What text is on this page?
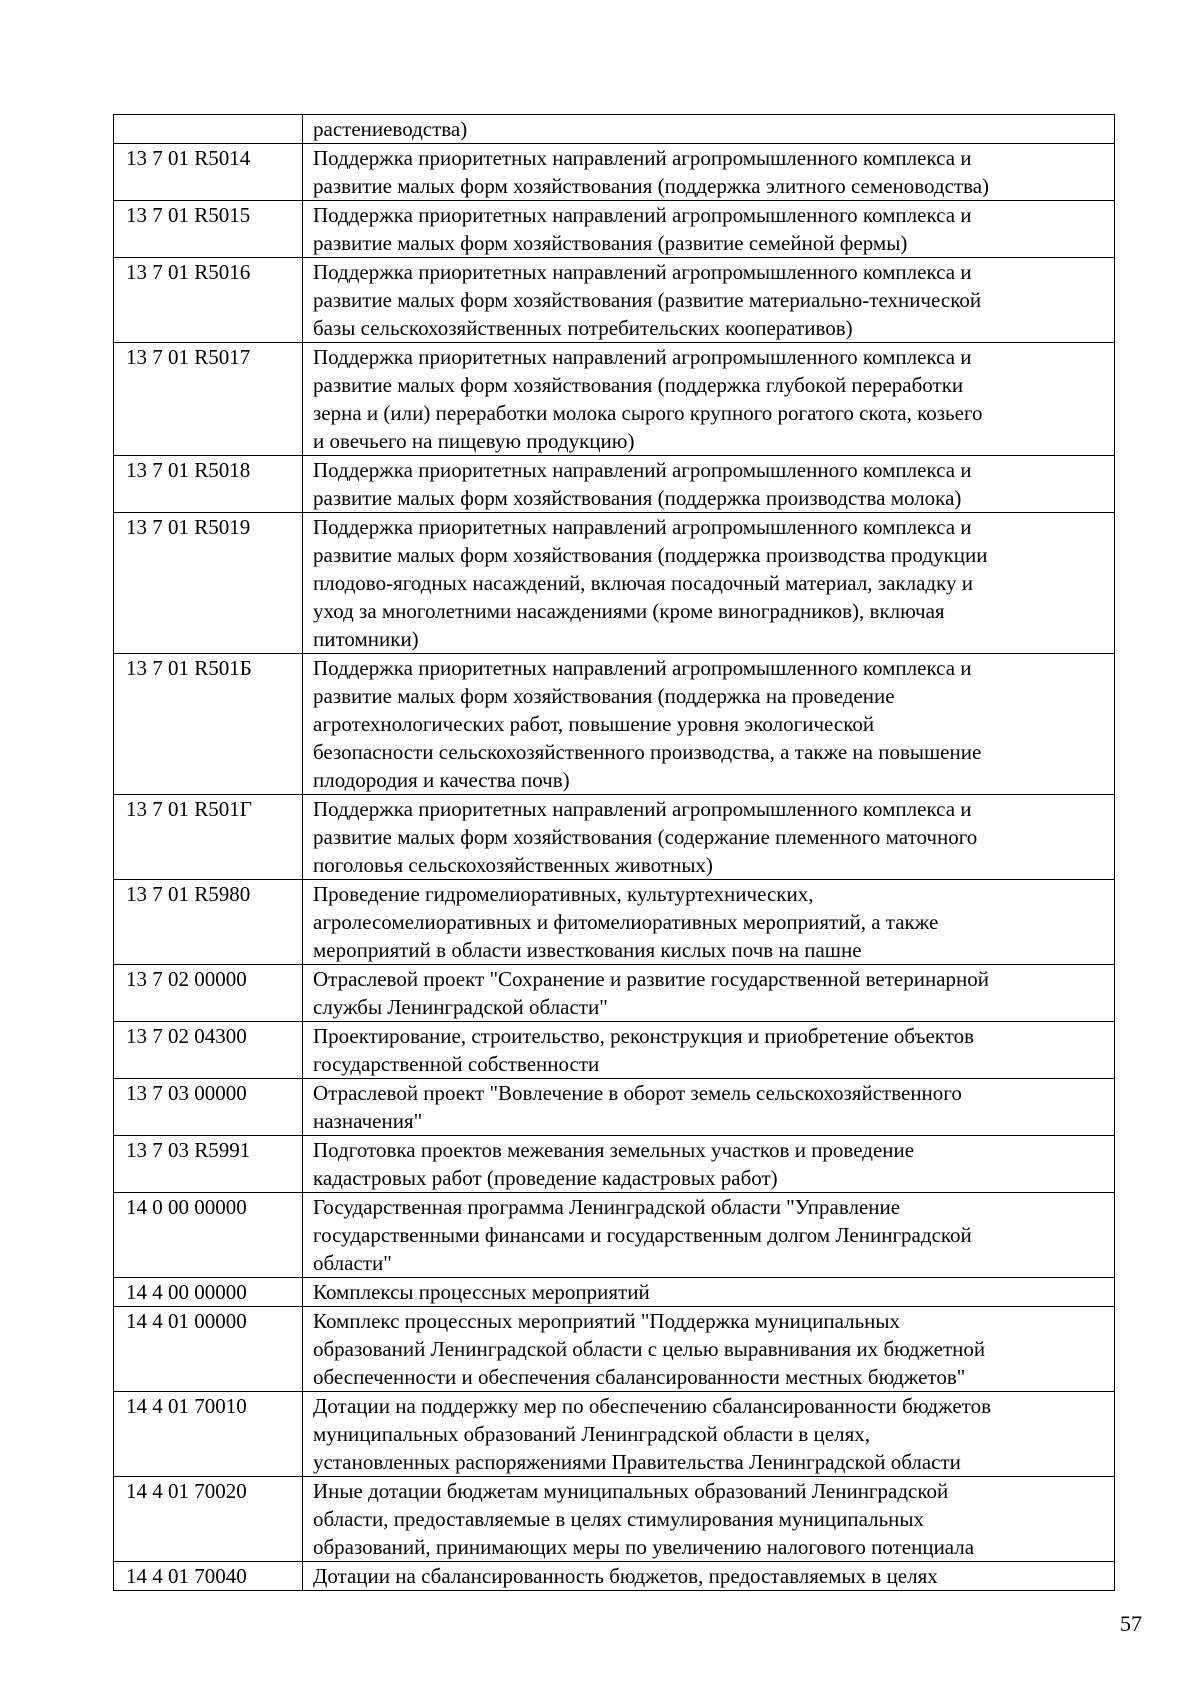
	растениеводства)
13 7 01 R5014	Поддержка приоритетных направлений агропромышленного комплекса и
развитие малых форм хозяйствования (поддержка элитного семеноводства)
13 7 01 R5015	Поддержка приоритетных направлений агропромышленного комплекса и
развитие малых форм хозяйствования (развитие семейной фермы)
13 7 01 R5016	Поддержка приоритетных направлений агропромышленного комплекса и
развитие малых форм хозяйствования (развитие материально-технической
базы сельскохозяйственных потребительских кооперативов)
13 7 01 R5017	Поддержка приоритетных направлений агропромышленного комплекса и
развитие малых форм хозяйствования (поддержка глубокой переработки
зерна и (или) переработки молока сырого крупного рогатого скота, козьего
и овечьего на пищевую продукцию)
13 7 01 R5018	Поддержка приоритетных направлений агропромышленного комплекса и
развитие малых форм хозяйствования (поддержка производства молока)
13 7 01 R5019	Поддержка приоритетных направлений агропромышленного комплекса и
развитие малых форм хозяйствования (поддержка производства продукции
плодово-ягодных насаждений, включая посадочный материал, закладку и
уход за многолетними насаждениями (кроме виноградников), включая
питомники)
13 7 01 R501Б	Поддержка приоритетных направлений агропромышленного комплекса и
развитие малых форм хозяйствования (поддержка на проведение
агротехнологических работ, повышение уровня экологической
безопасности сельскохозяйственного производства, а также на повышение
плодородия и качества почв)
13 7 01 R501Г	Поддержка приоритетных направлений агропромышленного комплекса и
развитие малых форм хозяйствования (содержание племенного маточного
поголовья сельскохозяйственных животных)
13 7 01 R5980	Проведение гидромелиоративных, культуртехнических,
агролесомелиоративных и фитомелиоративных мероприятий, а также
мероприятий в области известкования кислых почв на пашне
13 7 02 00000	Отраслевой проект "Сохранение и развитие государственной ветеринарной
службы Ленинградской области"
13 7 02 04300	Проектирование, строительство, реконструкция и приобретение объектов
государственной собственности
13 7 03 00000	Отраслевой проект "Вовлечение в оборот земель сельскохозяйственного
назначения"
13 7 03 R5991	Подготовка проектов межевания земельных участков и проведение
кадастровых работ (проведение кадастровых работ)
14 0 00 00000	Государственная программа Ленинградской области "Управление
государственными финансами и государственным долгом Ленинградской
области"
14 4 00 00000	Комплексы процессных мероприятий
14 4 01 00000	Комплекс процессных мероприятий "Поддержка муниципальных
образований Ленинградской области с целью выравнивания их бюджетной
обеспеченности и обеспечения сбалансированности местных бюджетов"
14 4 01 70010	Дотации на поддержку мер по обеспечению сбалансированности бюджетов
муниципальных образований Ленинградской области в целях,
установленных распоряжениями Правительства Ленинградской области
14 4 01 70020	Иные дотации бюджетам муниципальных образований Ленинградской
области, предоставляемые в целях стимулирования муниципальных
образований, принимающих меры по увеличению налогового потенциала
14 4 01 70040	Дотации на сбалансированность бюджетов, предоставляемых в целях
57
